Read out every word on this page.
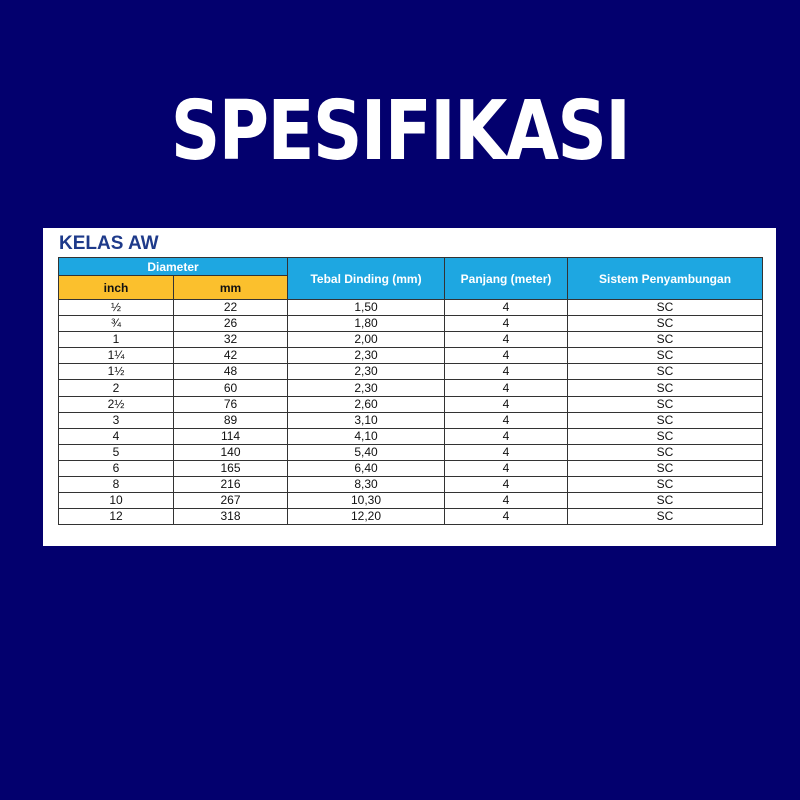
SPESIFIKASI
KELAS AW
Diameter		Tebal Dinding (mm)	Panjang (meter)	Sistem Penyambungan
inch	mm			
½	22	1,50	4	SC
¾	26	1,80	4	SC
1	32	2,00	4	SC
1¼	42	2,30	4	SC
1½	48	2,30	4	SC
2	60	2,30	4	SC
2½	76	2,60	4	SC
3	89	3,10	4	SC
4	114	4,10	4	SC
5	140	5,40	4	SC
6	165	6,40	4	SC
8	216	8,30	4	SC
10	267	10,30	4	SC
12	318	12,20	4	SC
